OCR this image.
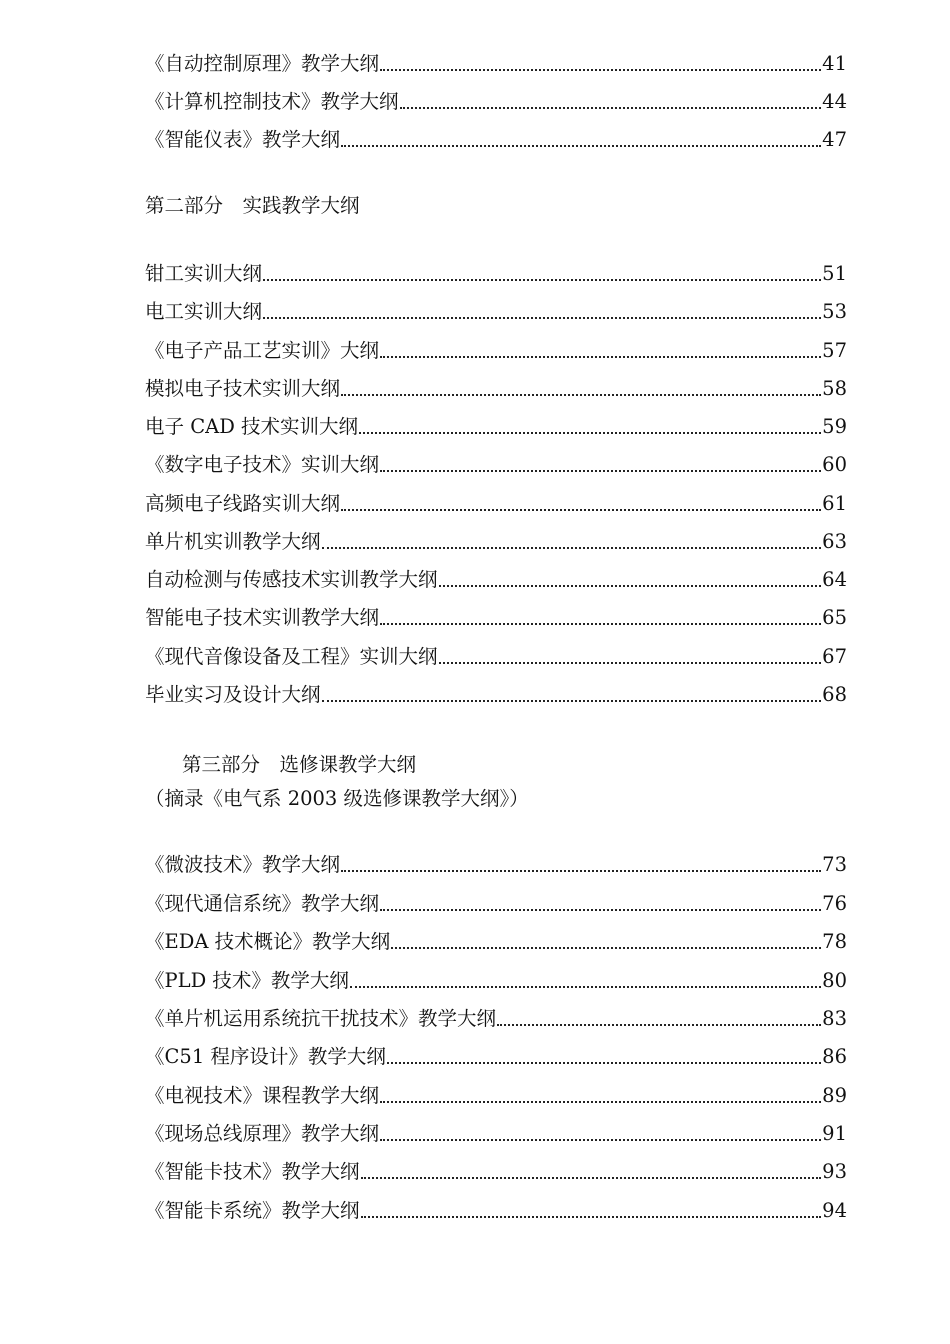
《自动控制原理》教学大纲	41
《计算机控制技术》教学大纲	44
《智能仪表》教学大纲	47
第二部分　实践教学大纲
钳工实训大纲	51
电工实训大纲	53
《电子产品工艺实训》大纲	57
模拟电子技术实训大纲	58
电子 CAD 技术实训大纲	59
《数字电子技术》实训大纲	60
高频电子线路实训大纲	61
单片机实训教学大纲	63
自动检测与传感技术实训教学大纲	64
智能电子技术实训教学大纲	65
《现代音像设备及工程》实训大纲	67
毕业实习及设计大纲	68
第三部分　选修课教学大纲
（摘录《电气系 2003 级选修课教学大纲》）
《微波技术》教学大纲	73
《现代通信系统》教学大纲	76
《EDA 技术概论》教学大纲	78
《PLD 技术》教学大纲	80
《单片机运用系统抗干扰技术》教学大纲	83
《C51 程序设计》教学大纲	86
《电视技术》课程教学大纲	89
《现场总线原理》教学大纲	91
《智能卡技术》教学大纲	93
《智能卡系统》教学大纲	94
